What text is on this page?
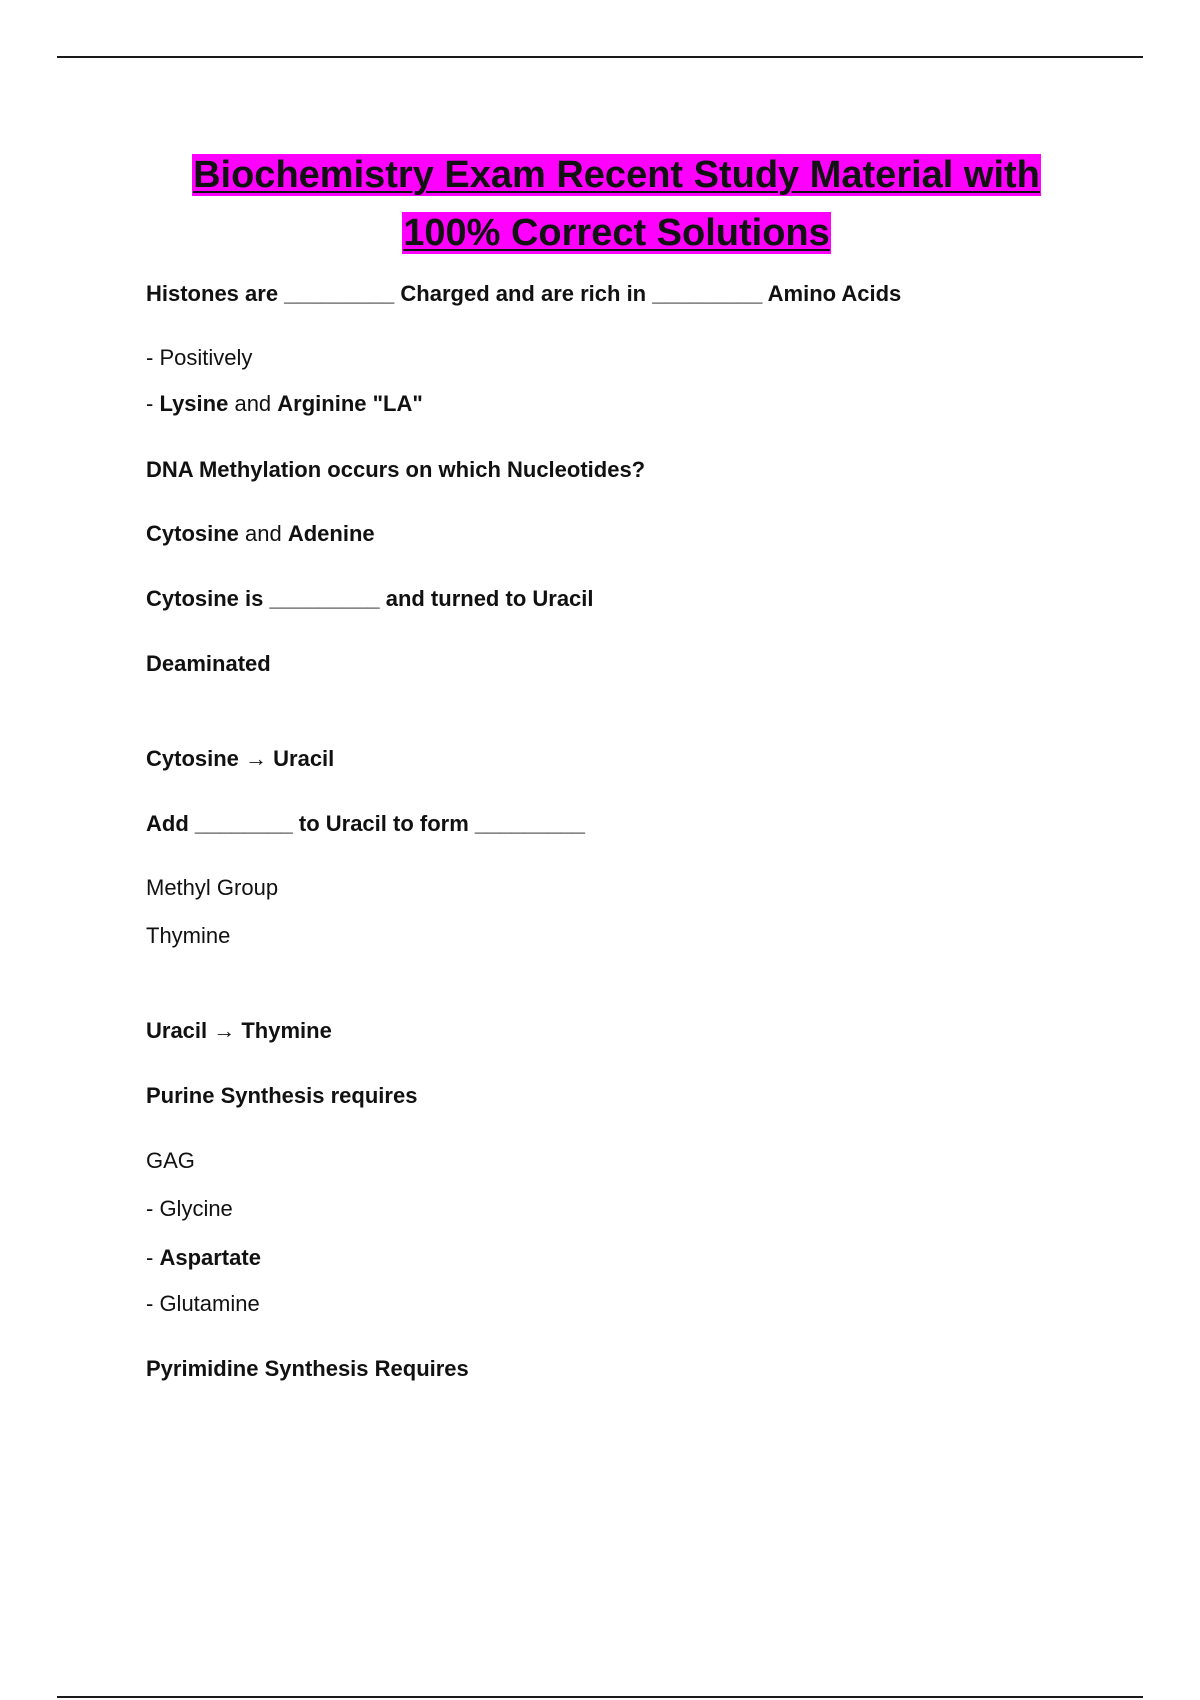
Biochemistry Exam Recent Study Material with
100% Correct Solutions
Histones are _________ Charged and are rich in _________ Amino Acids
- Positively
- Lysine and Arginine "LA"
DNA Methylation occurs on which Nucleotides?
Cytosine and Adenine
Cytosine is _________ and turned to Uracil
Deaminated
Cytosine → Uracil
Add ________ to Uracil to form _________
Methyl Group
Thymine
Uracil → Thymine
Purine Synthesis requires
GAG
- Glycine
- Aspartate
- Glutamine
Pyrimidine Synthesis Requires
